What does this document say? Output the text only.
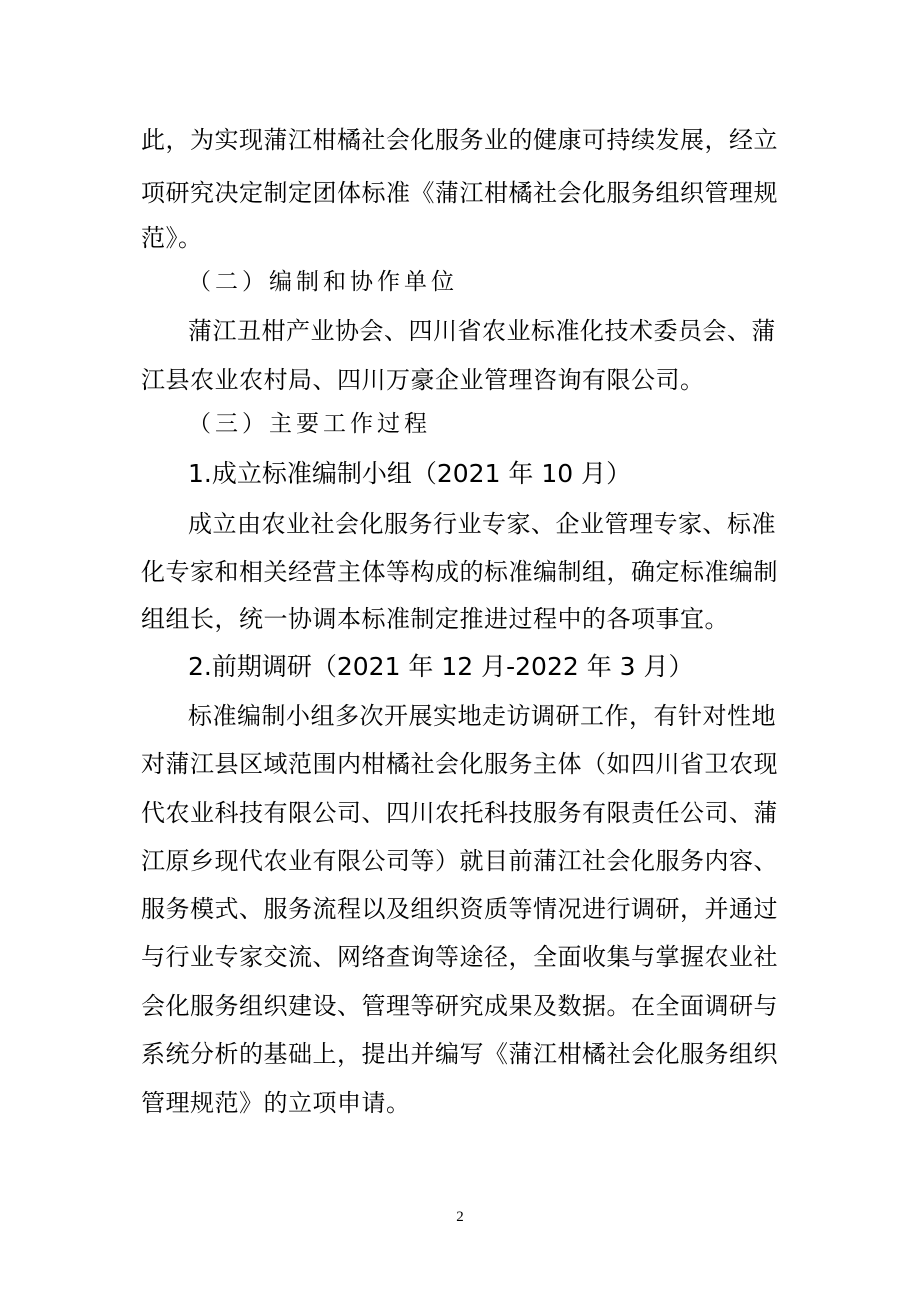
此，为实现蒲江柑橘社会化服务业的健康可持续发展，经立
项研究决定制定团体标准《蒲江柑橘社会化服务组织管理规
范》。
（二）编制和协作单位
蒲江丑柑产业协会、四川省农业标准化技术委员会、蒲
江县农业农村局、四川万豪企业管理咨询有限公司。
（三）主要工作过程
1.成立标准编制小组（2021 年 10 月）
成立由农业社会化服务行业专家、企业管理专家、标准
化专家和相关经营主体等构成的标准编制组，确定标准编制
组组长，统一协调本标准制定推进过程中的各项事宜。
2.前期调研（2021 年 12 月-2022 年 3 月）
标准编制小组多次开展实地走访调研工作，有针对性地
对蒲江县区域范围内柑橘社会化服务主体（如四川省卫农现
代农业科技有限公司、四川农托科技服务有限责任公司、蒲
江原乡现代农业有限公司等）就目前蒲江社会化服务内容、
服务模式、服务流程以及组织资质等情况进行调研，并通过
与行业专家交流、网络查询等途径，全面收集与掌握农业社
会化服务组织建设、管理等研究成果及数据。在全面调研与
系统分析的基础上，提出并编写《蒲江柑橘社会化服务组织
管理规范》的立项申请。
2
